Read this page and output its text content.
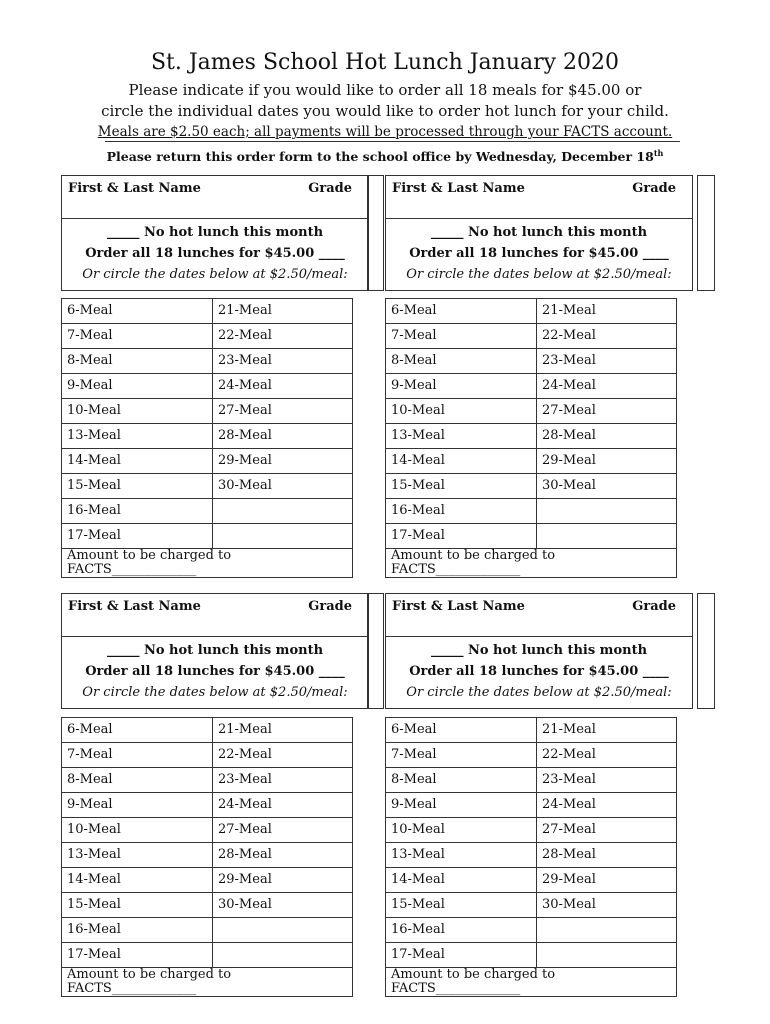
St. James School Hot Lunch January 2020
Please indicate if you would like to order all 18 meals for $45.00 or
circle the individual dates you would like to order hot lunch for your child.
Meals are $2.50 each; all payments will be processed through your FACTS account.
Please return this order form to the school office by Wednesday, December 18th
First & Last Name	Grade
_____ No hot lunch this month
Order all 18 lunches for $45.00 ____
Or circle the dates below at $2.50/meal:
6-Meal	21-Meal
7-Meal	22-Meal
8-Meal	23-Meal
9-Meal	24-Meal
10-Meal	27-Meal
13-Meal	28-Meal
14-Meal	29-Meal
15-Meal	30-Meal
16-Meal	
17-Meal	
Amount to be charged to FACTS_____________	
First & Last Name	Grade
_____ No hot lunch this month
Order all 18 lunches for $45.00 ____
Or circle the dates below at $2.50/meal:
6-Meal	21-Meal
7-Meal	22-Meal
8-Meal	23-Meal
9-Meal	24-Meal
10-Meal	27-Meal
13-Meal	28-Meal
14-Meal	29-Meal
15-Meal	30-Meal
16-Meal	
17-Meal	
Amount to be charged to FACTS_____________	
First & Last Name	Grade
_____ No hot lunch this month
Order all 18 lunches for $45.00 ____
Or circle the dates below at $2.50/meal:
6-Meal	21-Meal
7-Meal	22-Meal
8-Meal	23-Meal
9-Meal	24-Meal
10-Meal	27-Meal
13-Meal	28-Meal
14-Meal	29-Meal
15-Meal	30-Meal
16-Meal	
17-Meal	
Amount to be charged to FACTS_____________	
First & Last Name	Grade
_____ No hot lunch this month
Order all 18 lunches for $45.00 ____
Or circle the dates below at $2.50/meal:
6-Meal	21-Meal
7-Meal	22-Meal
8-Meal	23-Meal
9-Meal	24-Meal
10-Meal	27-Meal
13-Meal	28-Meal
14-Meal	29-Meal
15-Meal	30-Meal
16-Meal	
17-Meal	
Amount to be charged to FACTS_____________	
